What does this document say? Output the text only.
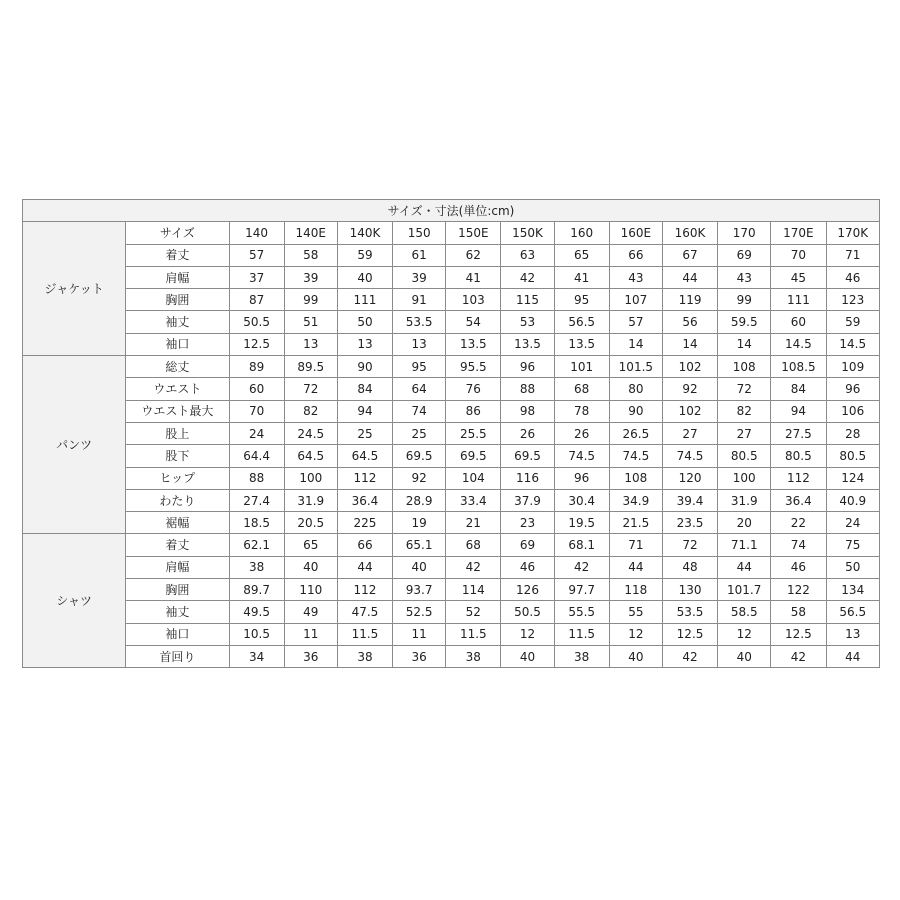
サイズ・寸法(単位:cm)													
ジャケット	サイズ	140	140E	140K	150	150E	150K	160	160E	160K	170	170E	170K
	着丈	57	58	59	61	62	63	65	66	67	69	70	71
	肩幅	37	39	40	39	41	42	41	43	44	43	45	46
	胸囲	87	99	111	91	103	115	95	107	119	99	111	123
	袖丈	50.5	51	50	53.5	54	53	56.5	57	56	59.5	60	59
	袖口	12.5	13	13	13	13.5	13.5	13.5	14	14	14	14.5	14.5
パンツ	総丈	89	89.5	90	95	95.5	96	101	101.5	102	108	108.5	109
	ウエスト	60	72	84	64	76	88	68	80	92	72	84	96
	ウエスト最大	70	82	94	74	86	98	78	90	102	82	94	106
	股上	24	24.5	25	25	25.5	26	26	26.5	27	27	27.5	28
	股下	64.4	64.5	64.5	69.5	69.5	69.5	74.5	74.5	74.5	80.5	80.5	80.5
	ヒップ	88	100	112	92	104	116	96	108	120	100	112	124
	わたり	27.4	31.9	36.4	28.9	33.4	37.9	30.4	34.9	39.4	31.9	36.4	40.9
	裾幅	18.5	20.5	225	19	21	23	19.5	21.5	23.5	20	22	24
シャツ	着丈	62.1	65	66	65.1	68	69	68.1	71	72	71.1	74	75
	肩幅	38	40	44	40	42	46	42	44	48	44	46	50
	胸囲	89.7	110	112	93.7	114	126	97.7	118	130	101.7	122	134
	袖丈	49.5	49	47.5	52.5	52	50.5	55.5	55	53.5	58.5	58	56.5
	袖口	10.5	11	11.5	11	11.5	12	11.5	12	12.5	12	12.5	13
	首回り	34	36	38	36	38	40	38	40	42	40	42	44
